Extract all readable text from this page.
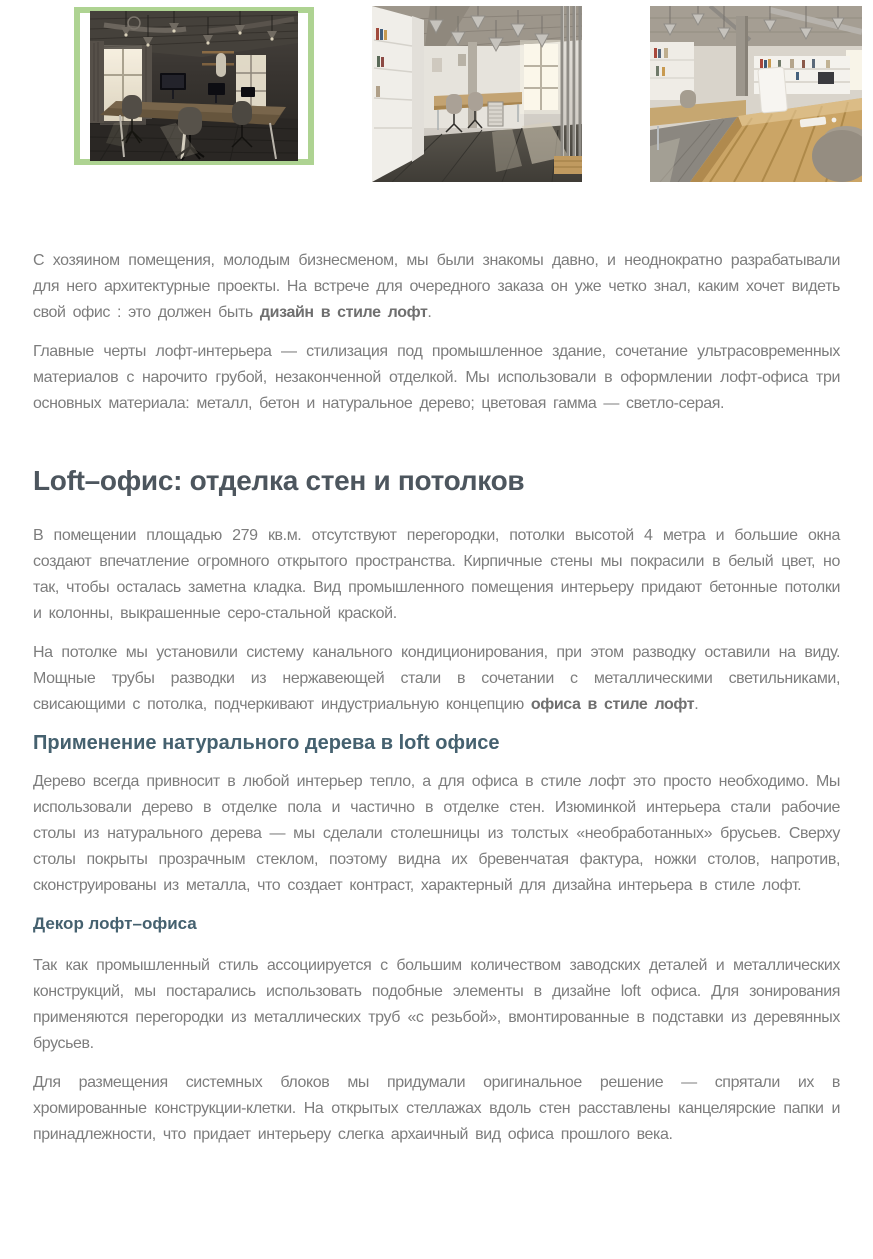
С хозяином помещения, молодым бизнесменом, мы были знакомы давно, и неоднократно разрабатывали для него архитектурные проекты. На встрече для очередного заказа он уже четко знал, каким хочет видеть свой офис : это должен быть дизайн в стиле лофт.

Главные черты лофт-интерьера — стилизация под промышленное здание, сочетание ультрасовременных материалов с нарочито грубой, незаконченной отделкой. Мы использовали в оформлении лофт-офиса три основных материала: металл, бетон и натуральное дерево; цветовая гамма — светло-серая.

Loft–офис: отделка стен и потолков

В помещении площадью 279 кв.м. отсутствуют перегородки, потолки высотой 4 метра и большие окна создают впечатление огромного открытого пространства. Кирпичные стены мы покрасили в белый цвет, но так, чтобы осталась заметна кладка. Вид промышленного помещения интерьеру придают бетонные потолки и колонны, выкрашенные серо-стальной краской.

На потолке мы установили систему канального кондиционирования, при этом разводку оставили на виду. Мощные трубы разводки из нержавеющей стали в сочетании с металлическими светильниками, свисающими с потолка, подчеркивают индустриальную концепцию офиса в стиле лофт.

Применение натурального дерева в loft офисе

Дерево всегда привносит в любой интерьер тепло, а для офиса в стиле лофт это просто необходимо. Мы использовали дерево в отделке пола и частично в отделке стен. Изюминкой интерьера стали рабочие столы из натурального дерева — мы сделали столешницы из толстых «необработанных» брусьев. Сверху столы покрыты прозрачным стеклом, поэтому видна их бревенчатая фактура, ножки столов, напротив, сконструированы из металла, что создает контраст, характерный для дизайна интерьера в стиле лофт.

Декор лофт–офиса

Так как промышленный стиль ассоциируется с большим количеством заводских деталей и металлических конструкций, мы постарались использовать подобные элементы в дизайне loft офиса. Для зонирования применяются перегородки из металлических труб «с резьбой», вмонтированные в подставки из деревянных брусьев.

Для размещения системных блоков мы придумали оригинальное решение — спрятали их в хромированные конструкции-клетки. На открытых стеллажах вдоль стен расставлены канцелярские папки и принадлежности, что придает интерьеру слегка архаичный вид офиса прошлого века.
